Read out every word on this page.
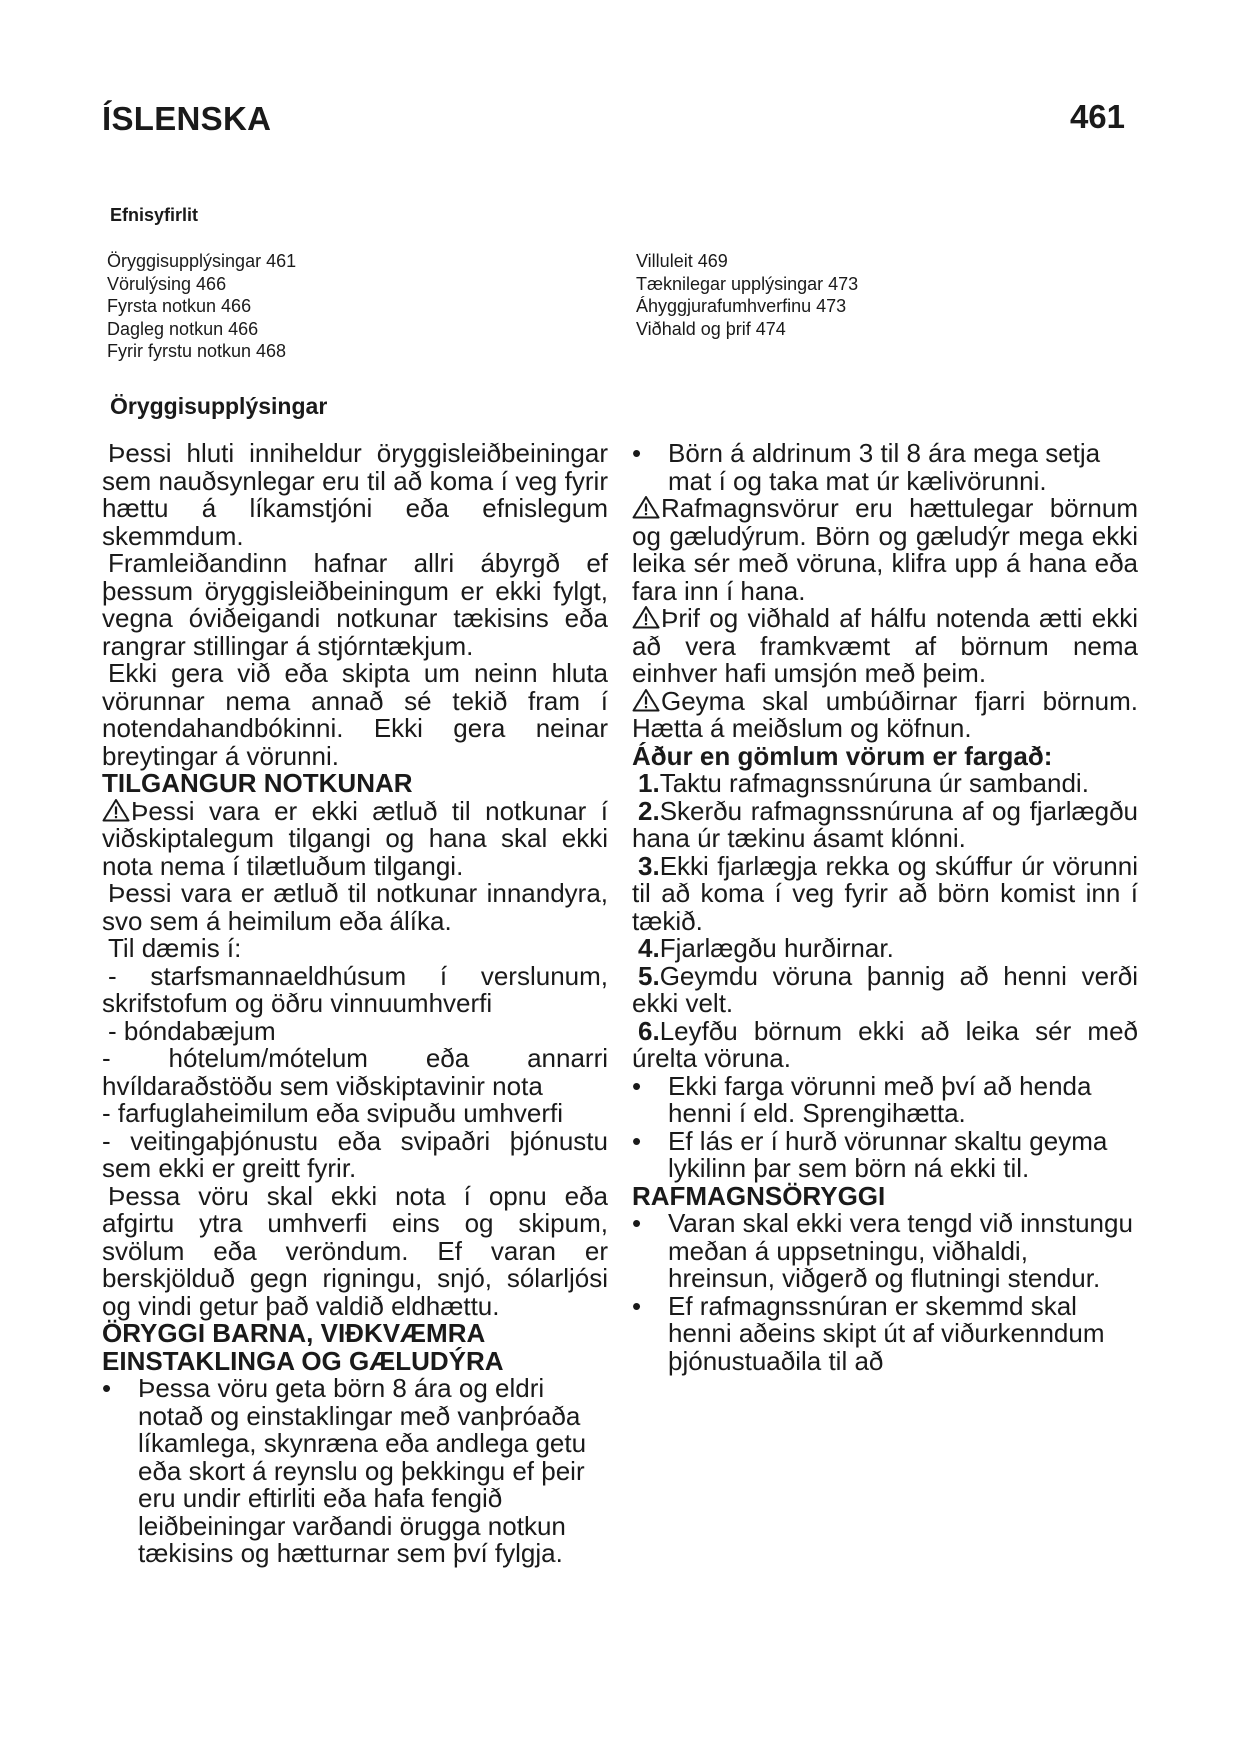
ÍSLENSKA	461
Efnisyfirlit
Öryggisupplýsingar 461
Vörulýsing 466
Fyrsta notkun 466
Dagleg notkun 466
Fyrir fyrstu notkun 468
Villuleit 469
Tæknilegar upplýsingar 473
Áhyggjurafumhverfinu 473
Viðhald og þrif 474
Öryggisupplýsingar

Þessi hluti inniheldur öryggisleiðbeiningar sem nauðsynlegar eru til að koma í veg fyrir hættu á líkamstjóni eða efnislegum skemmdum.

Framleiðandinn hafnar allri ábyrgð ef þessum öryggisleiðbeiningum er ekki fylgt, vegna óviðeigandi notkunar tækisins eða rangrar stillingar á stjórntækjum.

Ekki gera við eða skipta um neinn hluta vörunnar nema annað sé tekið fram í notendahandbókinni. Ekki gera neinar breytingar á vörunni.

TILGANGUR NOTKUNAR

Þessi vara er ekki ætluð til notkunar í viðskiptalegum tilgangi og hana skal ekki nota nema í tilætluðum tilgangi.

Þessi vara er ætluð til notkunar innandyra, svo sem á heimilum eða álíka.

Til dæmis í:

- starfsmannaeldhúsum í verslunum, skrifstofum og öðru vinnuumhverfi

- bóndabæjum

- hótelum/mótelum eða annarri hvíldaraðstöðu sem viðskiptavinir nota

- farfuglaheimilum eða svipuðu umhverfi

- veitingaþjónustu eða svipaðri þjónustu sem ekki er greitt fyrir.

Þessa vöru skal ekki nota í opnu eða afgirtu ytra umhverfi eins og skipum, svölum eða veröndum. Ef varan er berskjölduð gegn rigningu, snjó, sólarljósi og vindi getur það valdið eldhættu.

ÖRYGGI BARNA, VIÐKVÆMRA EINSTAKLINGA OG GÆLUDÝRA

• Þessa vöru geta börn 8 ára og eldri notað og einstaklingar með vanþróaða líkamlega, skynræna eða andlega getu eða skort á reynslu og þekkingu ef þeir eru undir eftirliti eða hafa fengið leiðbeiningar varðandi örugga notkun tækisins og hætturnar sem því fylgja.
• Börn á aldrinum 3 til 8 ára mega setja mat í og taka mat úr kælivörunni.

Rafmagnsvörur eru hættulegar börnum og gæludýrum. Börn og gæludýr mega ekki leika sér með vöruna, klifra upp á hana eða fara inn í hana.

Þrif og viðhald af hálfu notenda ætti ekki að vera framkvæmt af börnum nema einhver hafi umsjón með þeim.

Geyma skal umbúðirnar fjarri börnum. Hætta á meiðslum og köfnun.

Áður en gömlum vörum er fargað:

1.Taktu rafmagnssnúruna úr sambandi.

2.Skerðu rafmagnssnúruna af og fjarlægðu hana úr tækinu ásamt klónni.

3.Ekki fjarlægja rekka og skúffur úr vörunni til að koma í veg fyrir að börn komist inn í tækið.

4.Fjarlægðu hurðirnar.

5.Geymdu vöruna þannig að henni verði ekki velt.

6.Leyfðu börnum ekki að leika sér með úrelta vöruna.

• Ekki farga vörunni með því að henda henni í eld. Sprengihætta.
• Ef lás er í hurð vörunnar skaltu geyma lykilinn þar sem börn ná ekki til.

RAFMAGNSÖRYGGI

• Varan skal ekki vera tengd við innstungu meðan á uppsetningu, viðhaldi, hreinsun, viðgerð og flutningi stendur.
• Ef rafmagnssnúran er skemmd skal henni aðeins skipt út af viðurkenndum þjónustuaðila til að
